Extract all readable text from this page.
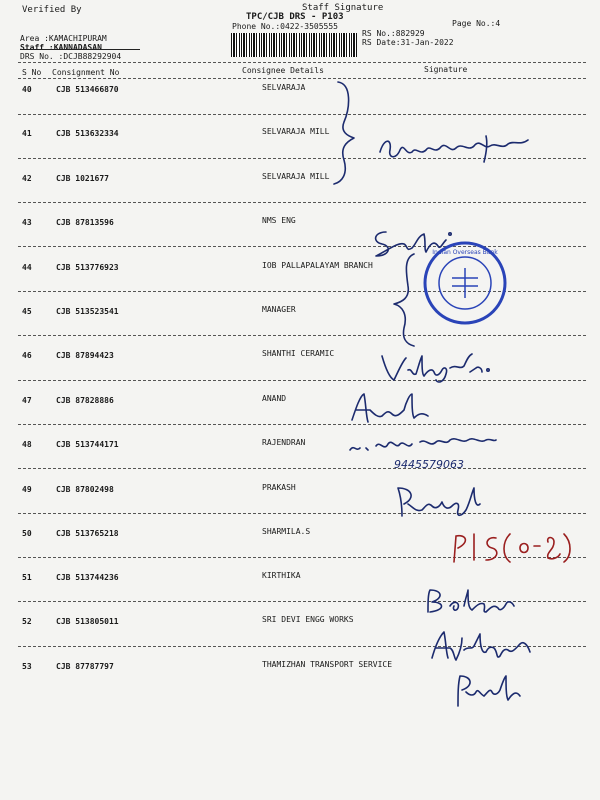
Verified By	Staff Signature
TPC/CJB DRS - P103
Phone No.:0422-3505555	Page No.:4
Area :KAMACHIPURAM
Staff :KANNADASAN
DRS No. :DCJB88292904
RS No.:882929
RS Date:31-Jan-2022
S No Consignment No	Consignee Details	Signature
40	CJB 513466870	SELVARAJA
41	CJB 513632334	SELVARAJA MILL
42	CJB 1021677	SELVARAJA MILL
43	CJB 87813596	NMS ENG
44	CJB 513776923	IOB PALLAPALAYAM BRANCH
45	CJB 513523541	MANAGER
46	CJB 87894423	SHANTHI CERAMIC
47	CJB 87828886	ANAND
48	CJB 513744171	RAJENDRAN
49	CJB 87802498	PRAKASH
50	CJB 513765218	SHARMILA.S
51	CJB 513744236	KIRTHIKA
52	CJB 513805011	SRI DEVI ENGG WORKS
53	CJB 87787797	THAMIZHAN TRANSPORT SERVICE
Indian Overseas Bank
9445579063
PIS(0-D)
